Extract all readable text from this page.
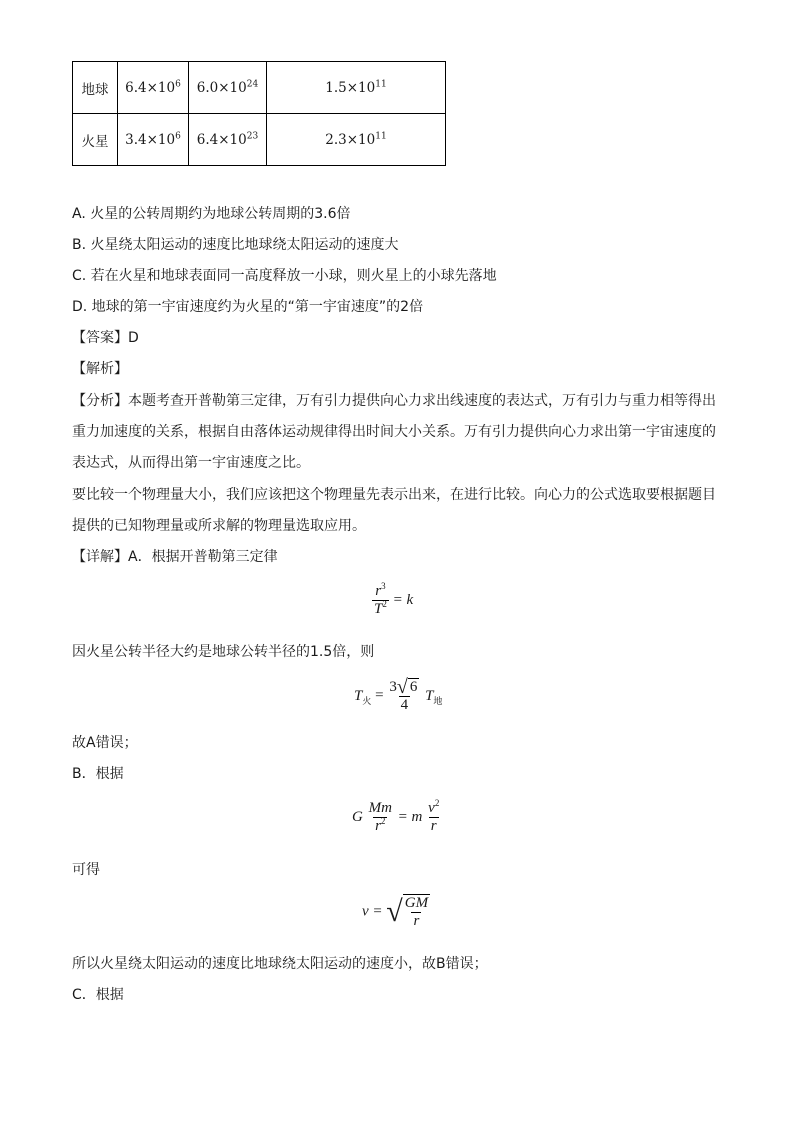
地球	$6.4\times 10^6$	$6.0\times 10^{24}$	$1.5\times 10^{11}$
火星	$3.4\times 10^6$	$6.4\times 10^{23}$	$2.3\times 10^{11}$
A. 火星的公转周期约为地球公转周期的3.6倍
B. 火星绕太阳运动的速度比地球绕太阳运动的速度大
C. 若在火星和地球表面同一高度释放一小球，则火星上的小球先落地
D. 地球的第一宇宙速度约为火星的“第一宇宙速度”的2倍
【答案】D
【解析】
【分析】本题考查开普勒第三定律，万有引力提供向心力求出线速度的表达式，万有引力与重力相等得出
重力加速度的关系，根据自由落体运动规律得出时间大小关系。万有引力提供向心力求出第一宇宙速度的
表达式，从而得出第一宇宙速度之比。
要比较一个物理量大小，我们应该把这个物理量先表示出来，在进行比较。向心力的公式选取要根据题目
提供的已知物理量或所求解的物理量选取应用。
【详解】A．根据开普勒第三定律
$\frac{r^3}{T^2} = k$
因火星公转半径大约是地球公转半径的1.5倍，则
$T_火 = \frac{3√ 6}{4} T_地$
故A错误；
B．根据
G $\frac{Mm}{r^2} = m \frac{v^2}{r}$
可得
v = √ $\frac{GM}{r}$
所以火星绕太阳运动的速度比地球绕太阳运动的速度小，故B错误；
C．根据
